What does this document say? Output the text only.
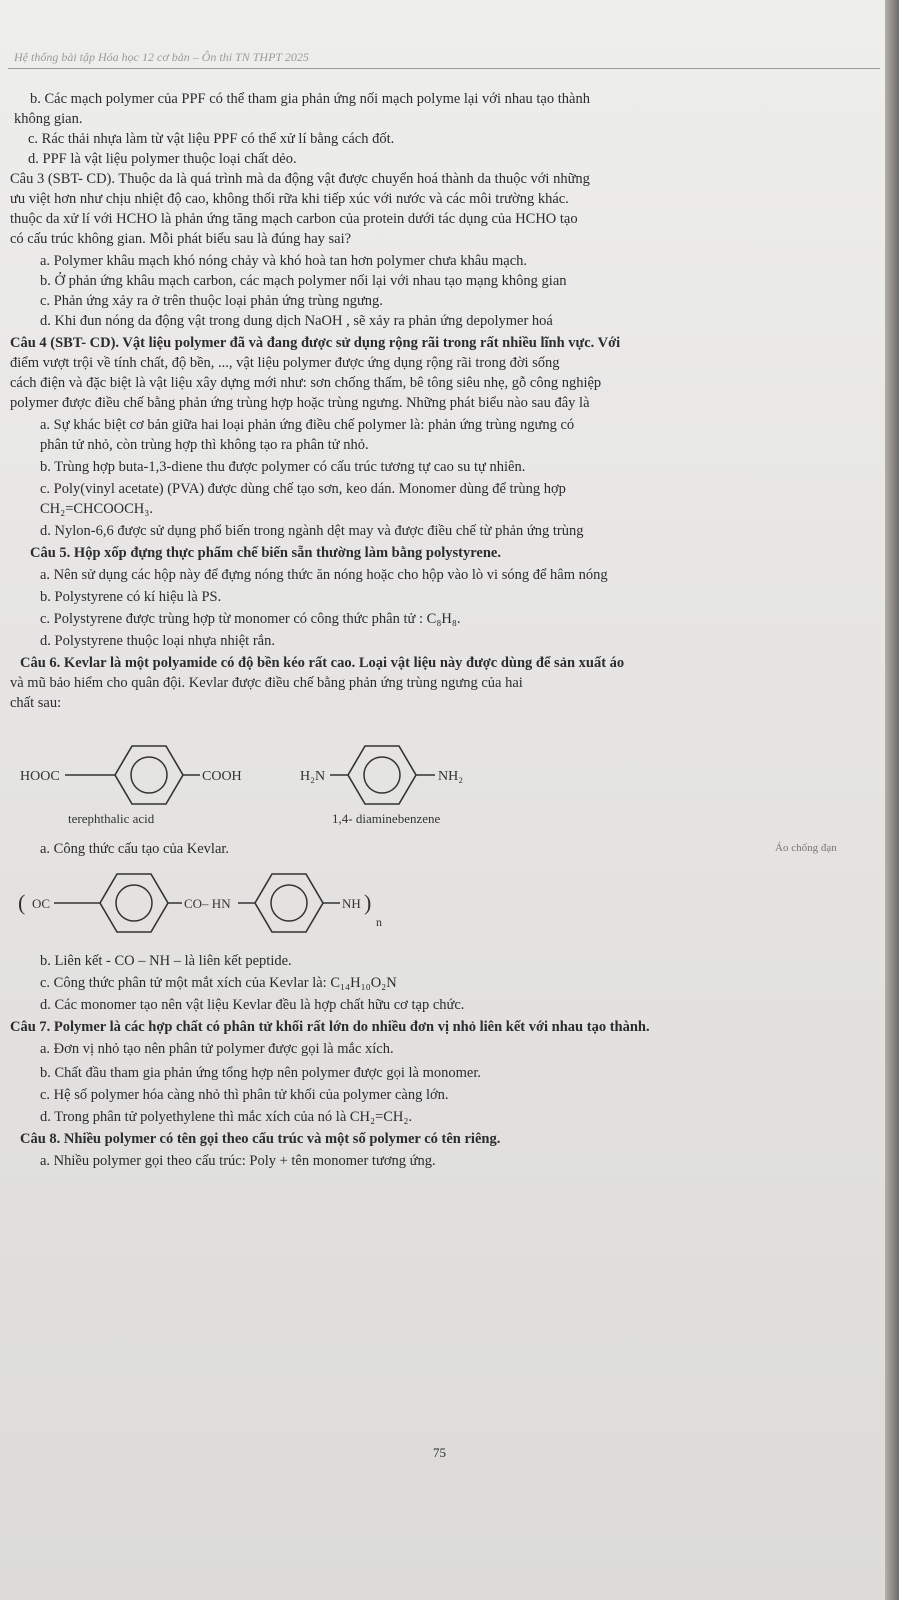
Hệ thống bài tập Hóa học 12 cơ bản – Ôn thi TN THPT 2025
b. Các mạch polymer của PPF có thể tham gia phản ứng nối mạch polyme lại với nhau tạo thành
không gian.
c. Rác thải nhựa làm từ vật liệu PPF có thể xử lí bằng cách đốt.
d. PPF là vật liệu polymer thuộc loại chất dẻo.
Câu 3 (SBT- CD). Thuộc da là quá trình mà da động vật được chuyển hoá thành da thuộc với những
ưu việt hơn như chịu nhiệt độ cao, không thối rữa khi tiếp xúc với nước và các môi trường khác.
thuộc da xử lí với HCHO là phản ứng tăng mạch carbon của protein dưới tác dụng của HCHO tạo
có cấu trúc không gian. Mỗi phát biểu sau là đúng hay sai?
a. Polymer khâu mạch khó nóng chảy và khó hoà tan hơn polymer chưa khâu mạch.
b. Ở phản ứng khâu mạch carbon, các mạch polymer nối lại với nhau tạo mạng không gian
c. Phản ứng xảy ra ở trên thuộc loại phản ứng trùng ngưng.
d. Khi đun nóng da động vật trong dung dịch NaOH , sẽ xảy ra phản ứng depolymer hoá
Câu 4 (SBT- CD). Vật liệu polymer đã và đang được sử dụng rộng rãi trong rất nhiều lĩnh vực. Với
điểm vượt trội về tính chất, độ bền, ..., vật liệu polymer được ứng dụng rộng rãi trong đời sống
cách điện và đặc biệt là vật liệu xây dựng mới như: sơn chống thấm, bê tông siêu nhẹ, gỗ công nghiệp
polymer được điều chế bằng phản ứng trùng hợp hoặc trùng ngưng. Những phát biểu nào sau đây là
a. Sự khác biệt cơ bản giữa hai loại phản ứng điều chế polymer là: phản ứng trùng ngưng có
phân tử nhỏ, còn trùng hợp thì không tạo ra phân tử nhỏ.
b. Trùng hợp buta-1,3-diene thu được polymer có cấu trúc tương tự cao su tự nhiên.
c. Poly(vinyl acetate) (PVA) được dùng chế tạo sơn, keo dán. Monomer dùng để trùng hợp
CH₂=CHCOOCH₃.
d. Nylon-6,6 được sử dụng phổ biến trong ngành dệt may và được điều chế từ phản ứng trùng
Câu 5. Hộp xốp đựng thực phẩm chế biến sẵn thường làm bằng polystyrene.
a. Nên sử dụng các hộp này để đựng nóng thức ăn nóng hoặc cho hộp vào lò vi sóng để hâm nóng
b. Polystyrene có kí hiệu là PS.
c. Polystyrene được trùng hợp từ monomer có công thức phân tử : C₈H₈.
d. Polystyrene thuộc loại nhựa nhiệt rắn.
Câu 6. Kevlar là một polyamide có độ bền kéo rất cao. Loại vật liệu này được dùng để sản xuất áo
và mũ bảo hiểm cho quân đội. Kevlar được điều chế bằng phản ứng trùng ngưng của hai
chất sau:
HOOC	COOH
terephthalic acid
H₂N	NH₂
1,4- diaminebenzene
a. Công thức cấu tạo của Kevlar.	Áo chống đạn
( OC	CO– HN	NH )
n
b. Liên kết - CO – NH – là liên kết peptide.
c. Công thức phân tử một mắt xích của Kevlar là: C₁₄H₁₀O₂N
d. Các monomer tạo nên vật liệu Kevlar đều là hợp chất hữu cơ tạp chức.
Câu 7. Polymer là các hợp chất có phân tử khối rất lớn do nhiều đơn vị nhỏ liên kết với nhau tạo thành.
a. Đơn vị nhỏ tạo nên phân tử polymer được gọi là mắc xích.
b. Chất đầu tham gia phản ứng tổng hợp nên polymer được gọi là monomer.
c. Hệ số polymer hóa càng nhỏ thì phân tử khối của polymer càng lớn.
d. Trong phân tử polyethylene thì mắc xích của nó là CH₂=CH₂.
Câu 8. Nhiều polymer có tên gọi theo cấu trúc và một số polymer có tên riêng.
a. Nhiều polymer gọi theo cấu trúc: Poly + tên monomer tương ứng.
75
